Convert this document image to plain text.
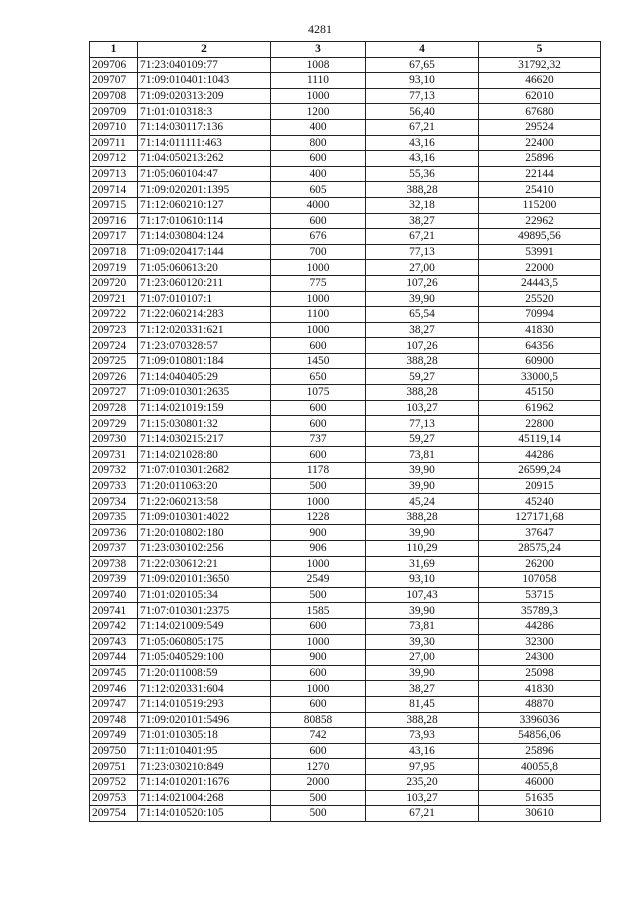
4281
1	2	3	4	5
209706	71:23:040109:77	1008	67,65	31792,32
209707	71:09:010401:1043	1110	93,10	46620
209708	71:09:020313:209	1000	77,13	62010
209709	71:01:010318:3	1200	56,40	67680
209710	71:14:030117:136	400	67,21	29524
209711	71:14:011111:463	800	43,16	22400
209712	71:04:050213:262	600	43,16	25896
209713	71:05:060104:47	400	55,36	22144
209714	71:09:020201:1395	605	388,28	25410
209715	71:12:060210:127	4000	32,18	115200
209716	71:17:010610:114	600	38,27	22962
209717	71:14:030804:124	676	67,21	49895,56
209718	71:09:020417:144	700	77,13	53991
209719	71:05:060613:20	1000	27,00	22000
209720	71:23:060120:211	775	107,26	24443,5
209721	71:07:010107:1	1000	39,90	25520
209722	71:22:060214:283	1100	65,54	70994
209723	71:12:020331:621	1000	38,27	41830
209724	71:23:070328:57	600	107,26	64356
209725	71:09:010801:184	1450	388,28	60900
209726	71:14:040405:29	650	59,27	33000,5
209727	71:09:010301:2635	1075	388,28	45150
209728	71:14:021019:159	600	103,27	61962
209729	71:15:030801:32	600	77,13	22800
209730	71:14:030215:217	737	59,27	45119,14
209731	71:14:021028:80	600	73,81	44286
209732	71:07:010301:2682	1178	39,90	26599,24
209733	71:20:011063:20	500	39,90	20915
209734	71:22:060213:58	1000	45,24	45240
209735	71:09:010301:4022	1228	388,28	127171,68
209736	71:20:010802:180	900	39,90	37647
209737	71:23:030102:256	906	110,29	28575,24
209738	71:22:030612:21	1000	31,69	26200
209739	71:09:020101:3650	2549	93,10	107058
209740	71:01:020105:34	500	107,43	53715
209741	71:07:010301:2375	1585	39,90	35789,3
209742	71:14:021009:549	600	73,81	44286
209743	71:05:060805:175	1000	39,30	32300
209744	71:05:040529:100	900	27,00	24300
209745	71:20:011008:59	600	39,90	25098
209746	71:12:020331:604	1000	38,27	41830
209747	71:14:010519:293	600	81,45	48870
209748	71:09:020101:5496	80858	388,28	3396036
209749	71:01:010305:18	742	73,93	54856,06
209750	71:11:010401:95	600	43,16	25896
209751	71:23:030210:849	1270	97,95	40055,8
209752	71:14:010201:1676	2000	235,20	46000
209753	71:14:021004:268	500	103,27	51635
209754	71:14:010520:105	500	67,21	30610
